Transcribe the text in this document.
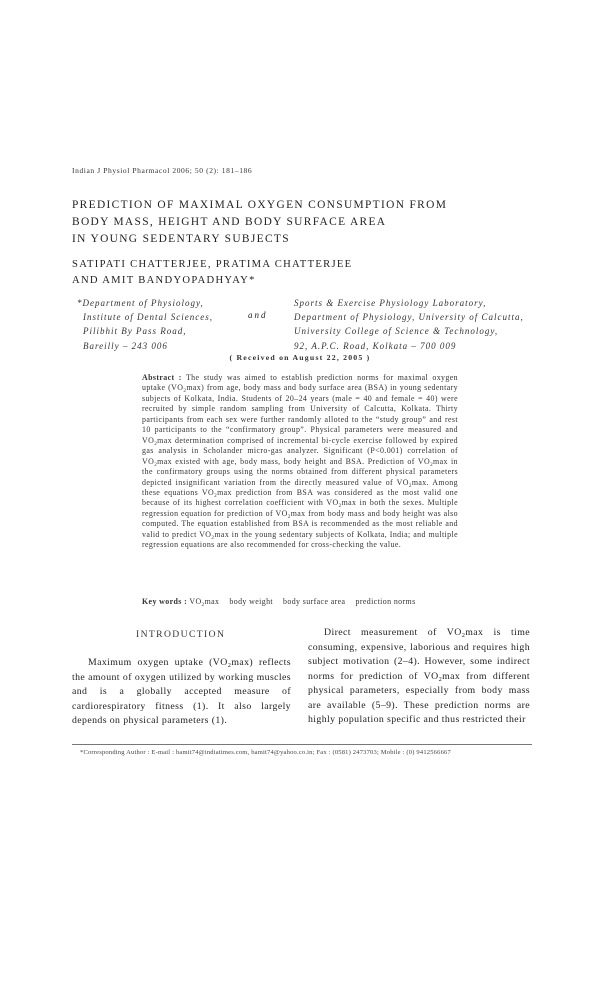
Indian J Physiol Pharmacol 2006; 50 (2): 181–186
PREDICTION OF MAXIMAL OXYGEN CONSUMPTION FROM
BODY MASS, HEIGHT AND BODY SURFACE AREA
IN YOUNG SEDENTARY SUBJECTS
SATIPATI CHATTERJEE, PRATIMA CHATTERJEE
AND AMIT BANDYOPADHYAY*
*Department of Physiology,
Institute of Dental Sciences,
Pilibhit By Pass Road,
Bareilly – 243 006
and
Sports & Exercise Physiology Laboratory,
Department of Physiology, University of Calcutta,
University College of Science & Technology,
92, A.P.C. Road, Kolkata – 700 009
( Received on August 22, 2005 )
Abstract : The study was aimed to establish prediction norms for maximal oxygen uptake $(VO_2\max)$ from age, body mass and body surface area (BSA) in young sedentary subjects of Kolkata, India. Students of 20–24 years (male = 40 and female = 40) were recruited by simple random sampling from University of Calcutta, Kolkata. Thirty participants from each sex were further randomly alloted to the “study group” and rest 10 participants to the “confirmatory group”. Physical parameters were measured and $VO_2\max$ determination comprised of incremental bi-cycle exercise followed by expired gas analysis in Scholander micro-gas analyzer. Significant (P<0.001) correlation of $VO_2\max$ existed with age, body mass, body height and BSA. Prediction of $VO_2\max$ in the confirmatory groups using the norms obtained from different physical parameters depicted insignificant variation from the directly measured value of $VO_2\max$. Among these equations $VO_2\max$ prediction from BSA was considered as the most valid one because of its highest correlation coefficient with $VO_2\max$ in both the sexes. Multiple regression equation for prediction of $VO_2\max$ from body mass and body height was also computed. The equation established from BSA is recommended as the most reliable and valid to predict $VO_2\max$ in the young sedentary subjects of Kolkata, India; and multiple regression equations are also recommended for cross-checking the value.
Key words : $VO_2\max$ body weight body surface area prediction norms
INTRODUCTION
Maximum oxygen uptake $(VO_2\max)$ reflects the amount of oxygen utilized by working muscles and is a globally accepted measure of cardiorespiratory fitness (1). It also largely depends on physical parameters (1).
Direct measurement of $VO_2\max$ is time consuming, expensive, laborious and requires high subject motivation (2–4). However, some indirect norms for prediction of $VO_2\max$ from different physical parameters, especially from body mass are available (5–9). These prediction norms are highly population specific and thus restricted their
*Corresponding Author : E-mail : bamit74@indiatimes.com, bamit74@yahoo.co.in; Fax : (0581) 2473703; Mobile : (0) 9412566667
